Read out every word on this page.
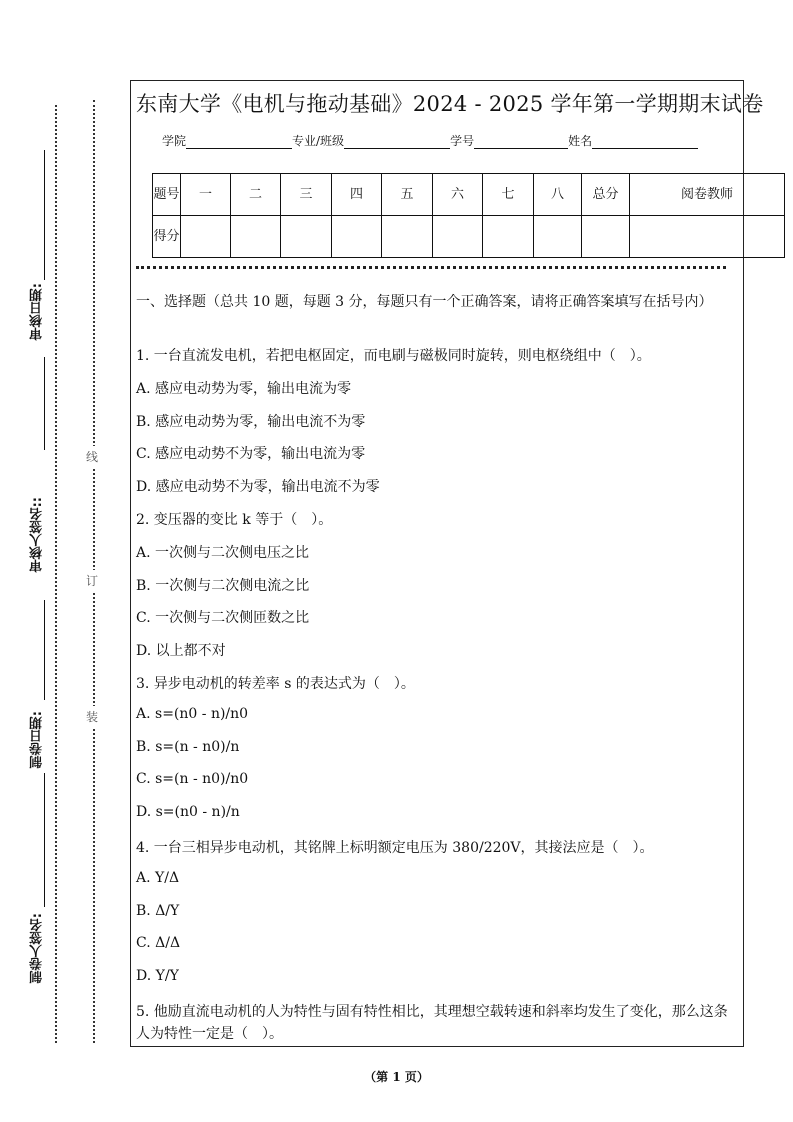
审核日期:
审核人签名::
制卷日期:
制卷人签名:
线
订
装
东南大学《电机与拖动基础》2024 - 2025 学年第一学期期末试卷
学院	专业/班级	学号	姓名
题号	一	二	三	四	五	六	七	八	总分	阅卷教师
得分										
一、选择题（总共 10 题，每题 3 分，每题只有一个正确答案，请将正确答案填写在括号内）
1. 一台直流发电机，若把电枢固定，而电刷与磁极同时旋转，则电枢绕组中（　）。
A. 感应电动势为零，输出电流为零
B. 感应电动势为零，输出电流不为零
C. 感应电动势不为零，输出电流为零
D. 感应电动势不为零，输出电流不为零
2. 变压器的变比 k 等于（　）。
A. 一次侧与二次侧电压之比
B. 一次侧与二次侧电流之比
C. 一次侧与二次侧匝数之比
D. 以上都不对
3. 异步电动机的转差率 s 的表达式为（　）。
A. s=(n0 - n)/n0
B. s=(n - n0)/n
C. s=(n - n0)/n0
D. s=(n0 - n)/n
4. 一台三相异步电动机，其铭牌上标明额定电压为 380/220V，其接法应是（　）。
A. Y/Δ
B. Δ/Y
C. Δ/Δ
D. Y/Y
5. 他励直流电动机的人为特性与固有特性相比，其理想空载转速和斜率均发生了变化，那么这条人为特性一定是（　）。
（第 1 页）
